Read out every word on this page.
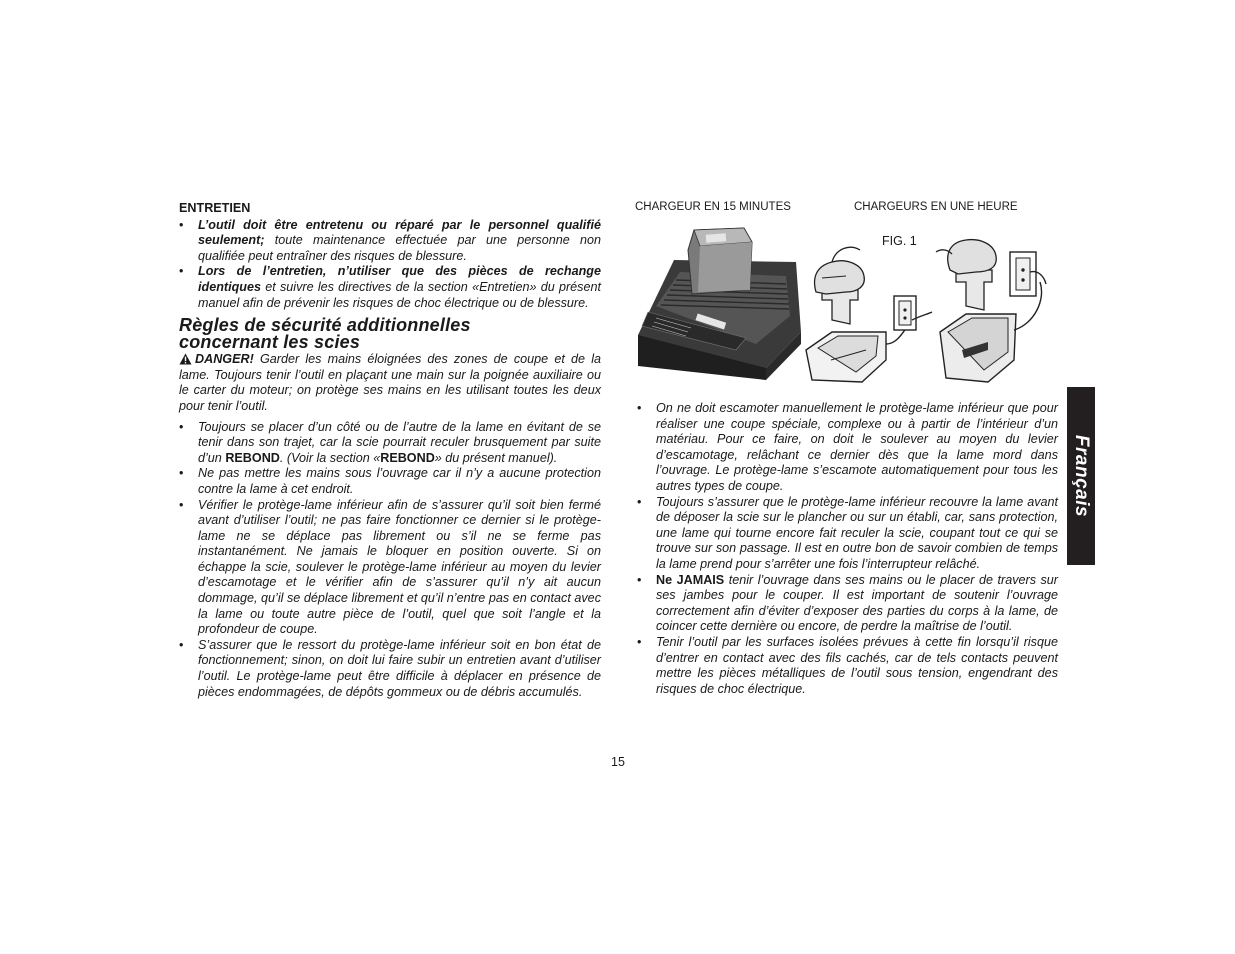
ENTRETIEN

• L’outil doit être entretenu ou réparé par le personnel qualifié seulement; toute maintenance effectuée par une personne non qualifiée peut entraîner des risques de blessure.
• Lors de l’entretien, n’utiliser que des pièces de rechange identiques et suivre les directives de la section «Entretien» du présent manuel afin de prévenir les risques de choc électrique ou de blessure.
Règles de sécurité additionnelles
concernant les scies

DANGER! Garder les mains éloignées des zones de coupe et de la lame. Toujours tenir l’outil en plaçant une main sur la poignée auxiliaire ou le carter du moteur; on protège ses mains en les utilisant toutes les deux pour tenir l’outil.

• Toujours se placer d’un côté ou de l’autre de la lame en évitant de se tenir dans son trajet, car la scie pourrait reculer brusquement par suite d’un REBOND. (Voir la section «REBOND» du présent manuel).
• Ne pas mettre les mains sous l’ouvrage car il n’y a aucune protection contre la lame à cet endroit.
• Vérifier le protège-lame inférieur afin de s’assurer qu’il soit bien fermé avant d’utiliser l’outil; ne pas faire fonctionner ce dernier si le protège-lame ne se déplace pas librement ou s’il ne se ferme pas instantanément. Ne jamais le bloquer en position ouverte. Si on échappe la scie, soulever le protège-lame inférieur au moyen du levier d’escamotage et le vérifier afin de s’assurer qu’il n’y ait aucun dommage, qu’il se déplace librement et qu’il n’entre pas en contact avec la lame ou toute autre pièce de l’outil, quel que soit l’angle et la profondeur de coupe.
• S’assurer que le ressort du protège-lame inférieur soit en bon état de fonctionnement; sinon, on doit lui faire subir un entretien avant d’utiliser l’outil. Le protège-lame peut être difficile à déplacer en présence de pièces endommagées, de dépôts gommeux ou de débris accumulés.
CHARGEUR EN 15 MINUTES	CHARGEURS EN UNE HEURE
FIG. 1
• On ne doit escamoter manuellement le protège-lame inférieur que pour réaliser une coupe spéciale, complexe ou à partir de l’intérieur d’un matériau. Pour ce faire, on doit le soulever au moyen du levier d’escamotage, relâchant ce dernier dès que la lame mord dans l’ouvrage. Le protège-lame s’escamote automatiquement pour tous les autres types de coupe.
• Toujours s’assurer que le protège-lame inférieur recouvre la lame avant de déposer la scie sur le plancher ou sur un établi, car, sans protection, une lame qui tourne encore fait reculer la scie, coupant tout ce qui se trouve sur son passage. Il est en outre bon de savoir combien de temps la lame prend pour s’arrêter une fois l’interrupteur relâché.
• Ne JAMAIS tenir l’ouvrage dans ses mains ou le placer de travers sur ses jambes pour le couper. Il est important de soutenir l’ouvrage correctement afin d’éviter d’exposer des parties du corps à la lame, de coincer cette dernière ou encore, de perdre la maîtrise de l’outil.
• Tenir l’outil par les surfaces isolées prévues à cette fin lorsqu’il risque d’entrer en contact avec des fils cachés, car de tels contacts peuvent mettre les pièces métalliques de l’outil sous tension, engendrant des risques de choc électrique.
Français
15
